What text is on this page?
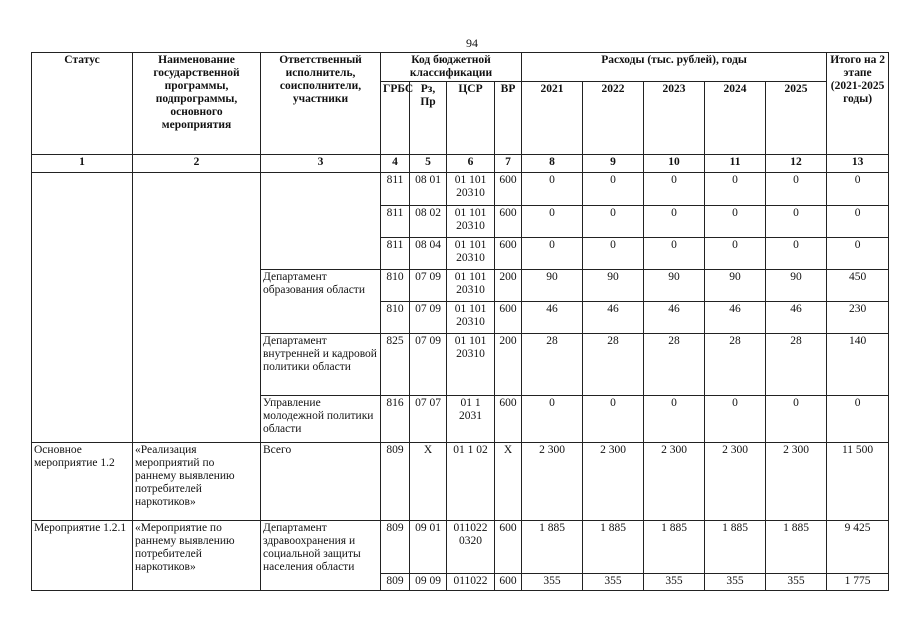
94
Статус	Наименование государственной программы, подпрограммы, основного мероприятия	Ответственный исполнитель, соисполнители, участники	Код бюджетной классификации				Расходы (тыс. рублей), годы					Итого на 2 этапе (2021-2025 годы)
			ГРБС	Рз, Пр	ЦСР	ВР	2021	2022	2023	2024	2025	
1	2	3	4	5	6	7	8	9	10	11	12	13
			811	08 01	01 101 20310	600	0	0	0	0	0	0
			811	08 02	01 101 20310	600	0	0	0	0	0	0
			811	08 04	01 101 20310	600	0	0	0	0	0	0
		Департамент образования области	810	07 09	01 101 20310	200	90	90	90	90	90	450
			810	07 09	01 101 20310	600	46	46	46	46	46	230
		Департамент внутренней и кадровой политики области	825	07 09	01 101 20310	200	28	28	28	28	28	140
		Управление молодежной политики области	816	07 07	01 1 2031	600	0	0	0	0	0	0
Основное мероприятие 1.2	«Реализация мероприятий по раннему выявлению потребителей наркотиков»	Всего	809	Х	01 1 02	Х	2 300	2 300	2 300	2 300	2 300	11 500
Мероприятие 1.2.1	«Мероприятие по раннему выявлению потребителей наркотиков»	Департамент здравоохранения и социальной защиты населения области	809	09 01	011022 0320	600	1 885	1 885	1 885	1 885	1 885	9 425
			809	09 09	011022	600	355	355	355	355	355	1 775
